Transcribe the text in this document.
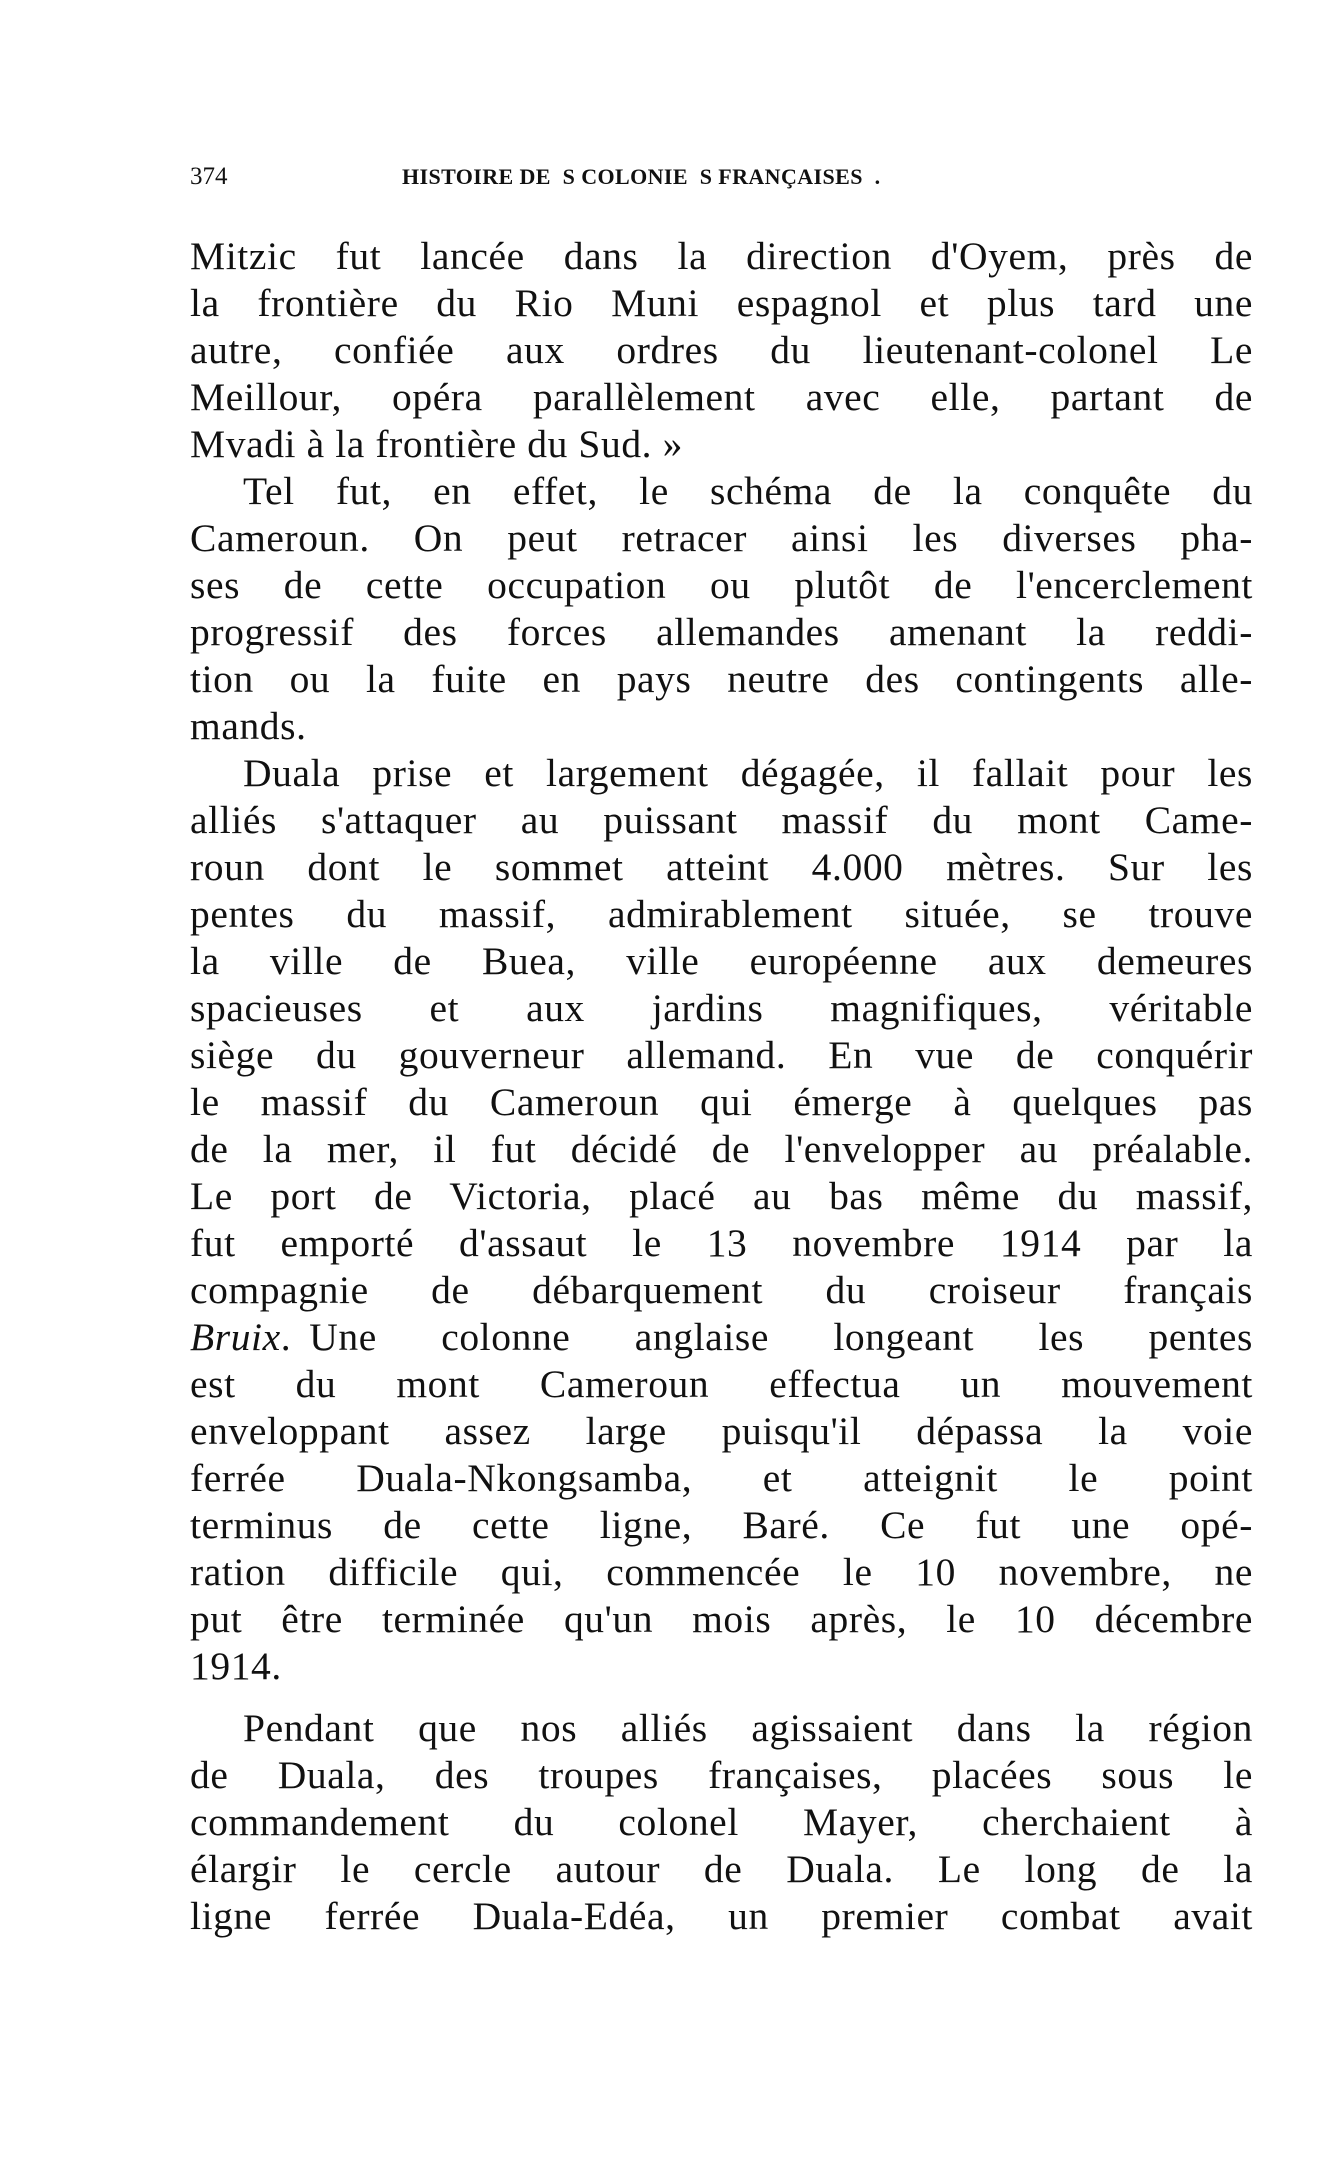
374	HISTOIRE DE  S COLONIE  S FRANÇAISES  .
Mitzic fut lancée dans la direction d'Oyem, près de
la frontière du Rio Muni espagnol et plus tard une
autre, confiée aux ordres du lieutenant-colonel Le
Meillour, opéra parallèlement avec elle, partant de
Mvadi à la frontière du Sud. »
Tel fut, en effet, le schéma de la conquête du
Cameroun. On peut retracer ainsi les diverses pha-
ses de cette occupation ou plutôt de l'encerclement
progressif des forces allemandes amenant la reddi-
tion ou la fuite en pays neutre des contingents alle-
mands.
Duala prise et largement dégagée, il fallait pour les
alliés s'attaquer au puissant massif du mont Came-
roun dont le sommet atteint 4.000 mètres. Sur les
pentes du massif, admirablement située, se trouve
la ville de Buea, ville européenne aux demeures
spacieuses et aux jardins magnifiques, véritable
siège du gouverneur allemand. En vue de conquérir
le massif du Cameroun qui émerge à quelques pas
de la mer, il fut décidé de l'envelopper au préalable.
Le port de Victoria, placé au bas même du massif,
fut emporté d'assaut le 13 novembre 1914 par la
compagnie de débarquement du croiseur français
Bruix. Une colonne anglaise longeant les pentes
est du mont Cameroun effectua un mouvement
enveloppant assez large puisqu'il dépassa la voie
ferrée Duala-Nkongsamba, et atteignit le point
terminus de cette ligne, Baré. Ce fut une opé-
ration difficile qui, commencée le 10 novembre, ne
put être terminée qu'un mois après, le 10 décembre
1914.
Pendant que nos alliés agissaient dans la région
de Duala, des troupes françaises, placées sous le
commandement du colonel Mayer, cherchaient à
élargir le cercle autour de Duala. Le long de la
ligne ferrée Duala-Edéa, un premier combat avait
